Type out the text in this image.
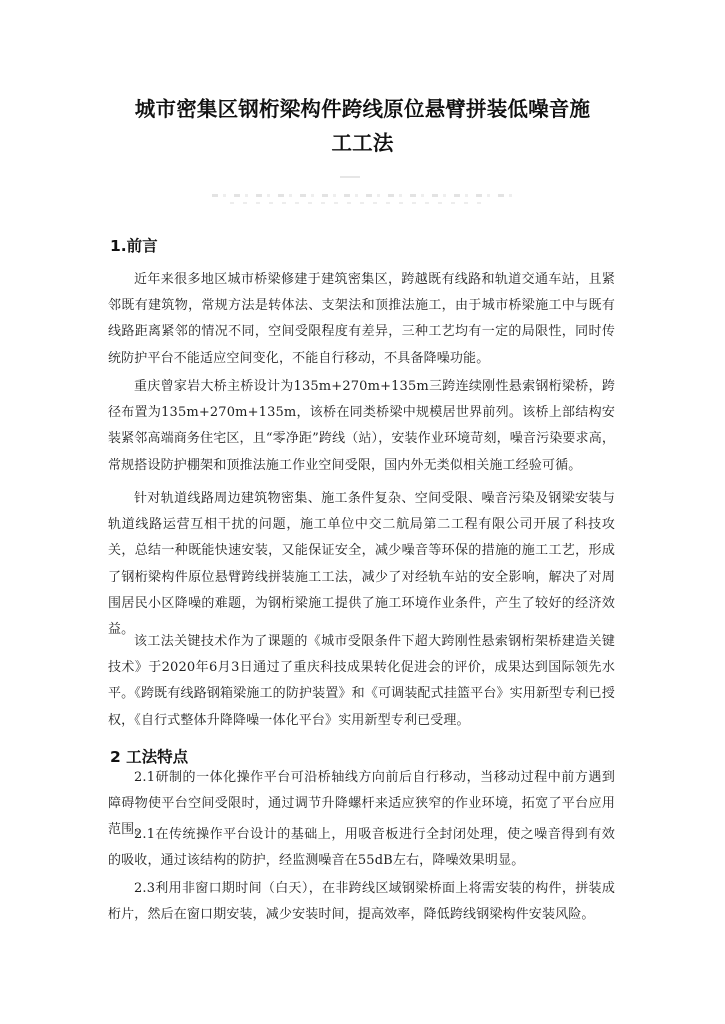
城市密集区钢桁梁构件跨线原位悬臂拼装低噪音施
工工法
1.前言

近年来很多地区城市桥梁修建于建筑密集区，跨越既有线路和轨道交通车站，且紧邻既有建筑物，常规方法是转体法、支架法和顶推法施工，由于城市桥梁施工中与既有线路距离紧邻的情况不同，空间受限程度有差异，三种工艺均有一定的局限性，同时传统防护平台不能适应空间变化，不能自行移动，不具备降噪功能。

重庆曾家岩大桥主桥设计为135m+270m+135m三跨连续刚性悬索钢桁梁桥，跨径布置为135m+270m+135m，该桥在同类桥梁中规模居世界前列。该桥上部结构安装紧邻高端商务住宅区，且“零净距”跨线（站），安装作业环境苛刻，噪音污染要求高，常规搭设防护棚架和顶推法施工作业空间受限，国内外无类似相关施工经验可循。

针对轨道线路周边建筑物密集、施工条件复杂、空间受限、噪音污染及钢梁安装与轨道线路运营互相干扰的问题，施工单位中交二航局第二工程有限公司开展了科技攻关，总结一种既能快速安装，又能保证安全，减少噪音等环保的措施的施工工艺，形成了钢桁梁构件原位悬臂跨线拼装施工工法，减少了对经轨车站的安全影响，解决了对周围居民小区降噪的难题，为钢桁梁施工提供了施工环境作业条件，产生了较好的经济效益。

该工法关键技术作为了课题的《城市受限条件下超大跨刚性悬索钢桁架桥建造关键技术》于2020年6月3日通过了重庆科技成果转化促进会的评价，成果达到国际领先水平。《跨既有线路钢箱梁施工的防护装置》和《可调装配式挂篮平台》实用新型专利已授权，《自行式整体升降降噪一体化平台》实用新型专利已受理。

2 工法特点

2.1研制的一体化操作平台可沿桥轴线方向前后自行移动，当移动过程中前方遇到障碍物使平台空间受限时，通过调节升降螺杆来适应狭窄的作业环境，拓宽了平台应用范围。

2.1在传统操作平台设计的基础上，用吸音板进行全封闭处理，使之噪音得到有效的吸收，通过该结构的防护，经监测噪音在55dB左右，降噪效果明显。

2.3利用非窗口期时间（白天），在非跨线区域钢梁桥面上将需安装的构件，拼装成桁片，然后在窗口期安装，减少安装时间，提高效率，降低跨线钢梁构件安装风险。
